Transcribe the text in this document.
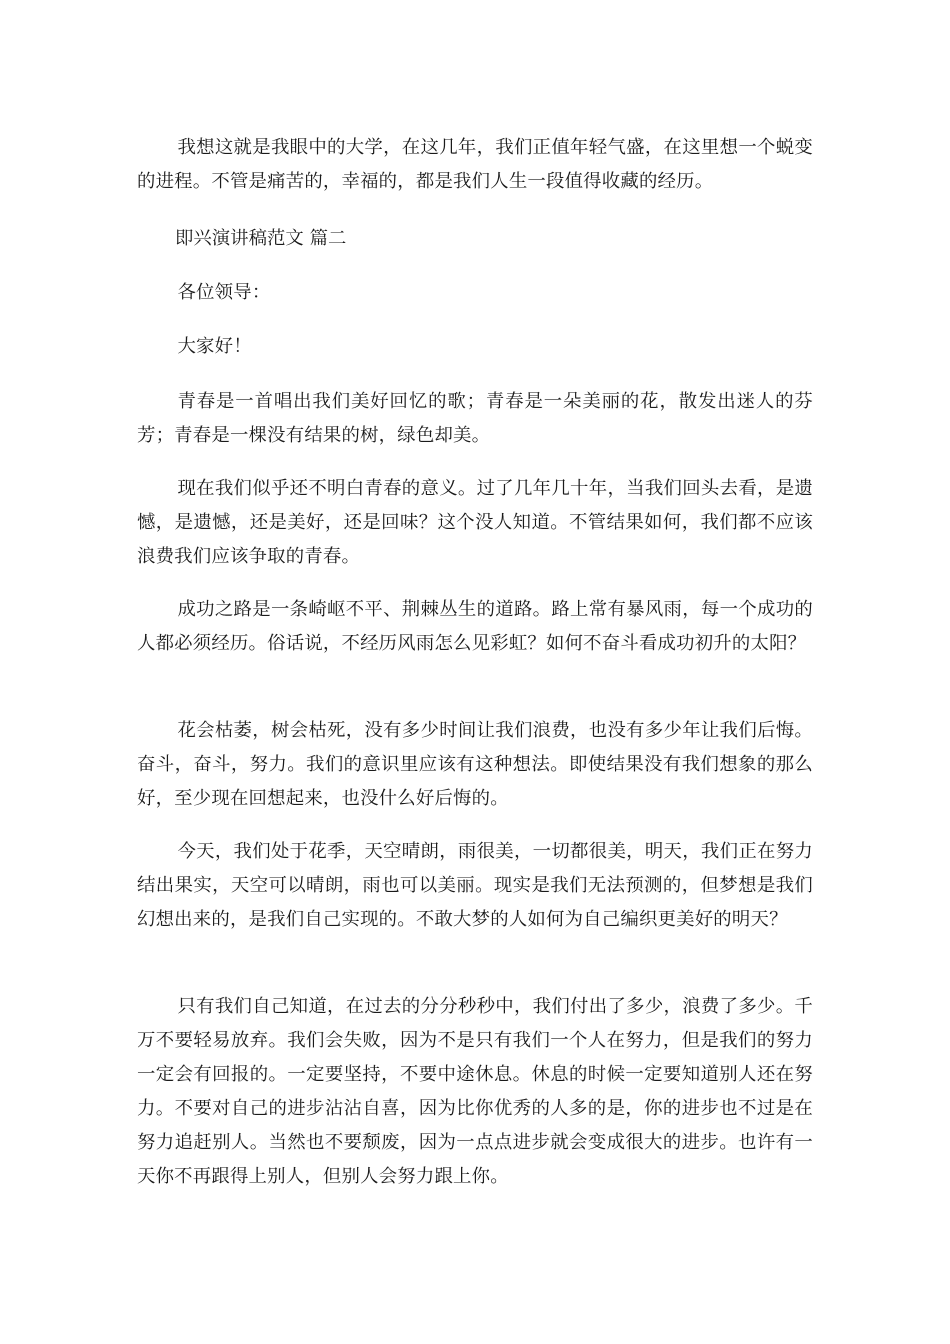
我想这就是我眼中的大学，在这几年，我们正值年轻气盛，在这里想一个蜕变的进程。不管是痛苦的，幸福的，都是我们人生一段值得收藏的经历。

即兴演讲稿范文 篇二

各位领导：

大家好！

青春是一首唱出我们美好回忆的歌；青春是一朵美丽的花，散发出迷人的芬芳；青春是一棵没有结果的树，绿色却美。

现在我们似乎还不明白青春的意义。过了几年几十年，当我们回头去看，是遗憾，是遗憾，还是美好，还是回味？这个没人知道。不管结果如何，我们都不应该浪费我们应该争取的青春。

成功之路是一条崎岖不平、荆棘丛生的道路。路上常有暴风雨，每一个成功的人都必须经历。俗话说，不经历风雨怎么见彩虹？如何不奋斗看成功初升的太阳？

花会枯萎，树会枯死，没有多少时间让我们浪费，也没有多少年让我们后悔。奋斗，奋斗，努力。我们的意识里应该有这种想法。即使结果没有我们想象的那么好，至少现在回想起来，也没什么好后悔的。

今天，我们处于花季，天空晴朗，雨很美，一切都很美，明天，我们正在努力结出果实，天空可以晴朗，雨也可以美丽。现实是我们无法预测的，但梦想是我们幻想出来的，是我们自己实现的。不敢大梦的人如何为自己编织更美好的明天？

只有我们自己知道，在过去的分分秒秒中，我们付出了多少，浪费了多少。千万不要轻易放弃。我们会失败，因为不是只有我们一个人在努力，但是我们的努力一定会有回报的。一定要坚持，不要中途休息。休息的时候一定要知道别人还在努力。不要对自己的进步沾沾自喜，因为比你优秀的人多的是，你的进步也不过是在努力追赶别人。当然也不要颓废，因为一点点进步就会变成很大的进步。也许有一天你不再跟得上别人，但别人会努力跟上你。
